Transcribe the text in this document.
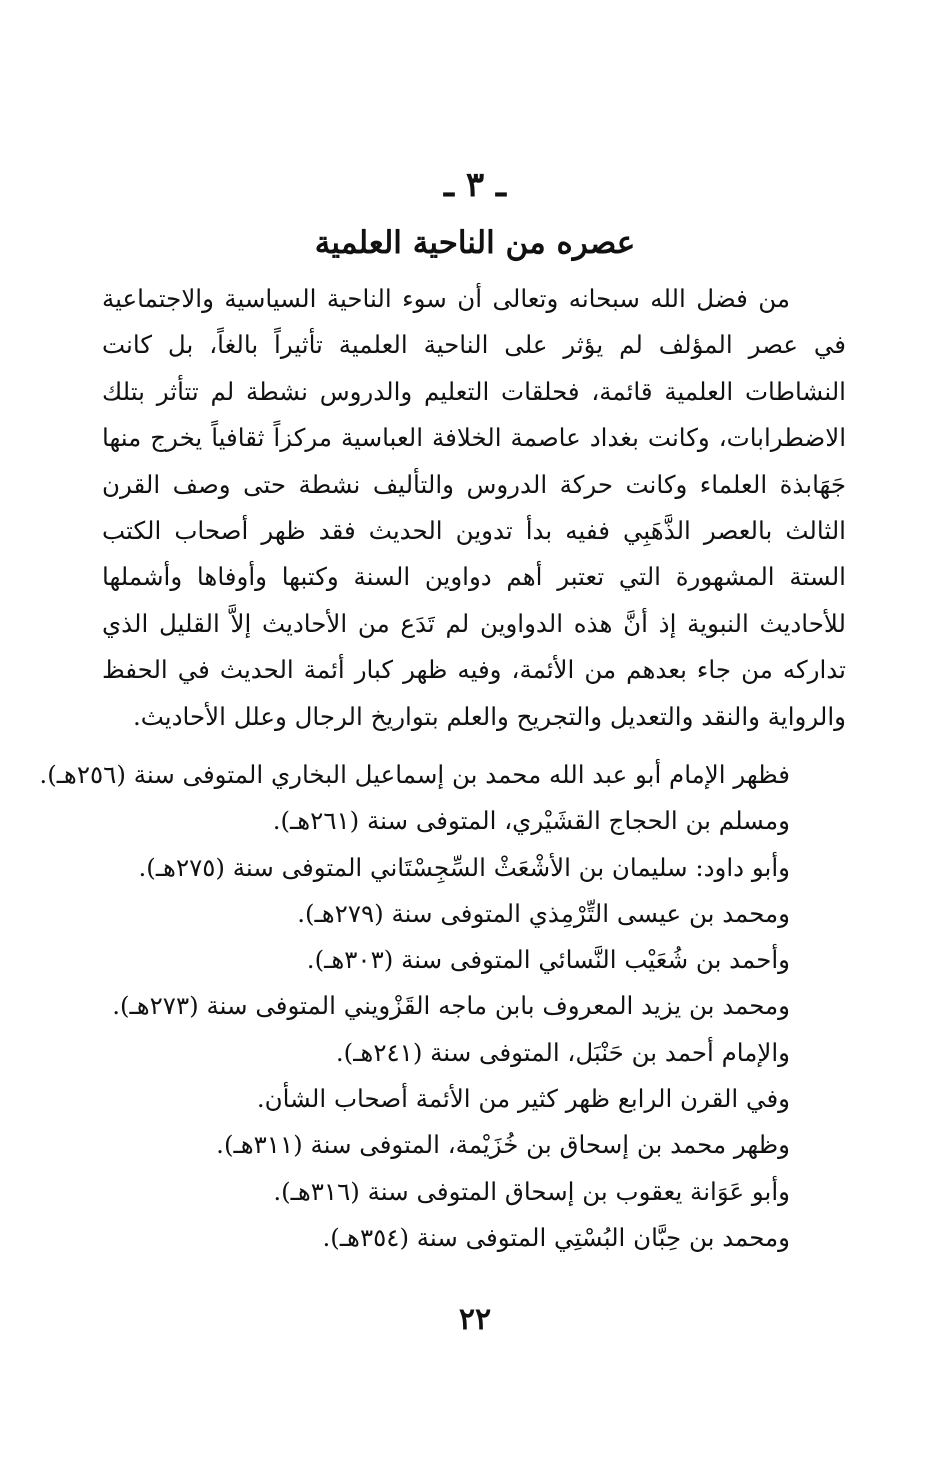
ـ ٣ ـ
عصره من الناحية العلمية

من فضل الله سبحانه وتعالى أن سوء الناحية السياسية والاجتماعية في عصر المؤلف لم يؤثر على الناحية العلمية تأثيراً بالغاً، بل كانت النشاطات العلمية قائمة، فحلقات التعليم والدروس نشطة لم تتأثر بتلك الاضطرابات، وكانت بغداد عاصمة الخلافة العباسية مركزاً ثقافياً يخرج منها جَهَابذة العلماء وكانت حركة الدروس والتأليف نشطة حتى وصف القرن الثالث بالعصر الذَّهَبِي ففيه بدأ تدوين الحديث فقد ظهر أصحاب الكتب الستة المشهورة التي تعتبر أهم دواوين السنة وكتبها وأوفاها وأشملها للأحاديث النبوية إذ أنَّ هذه الدواوين لم تَدَع من الأحاديث إلاَّ القليل الذي تداركه من جاء بعدهم من الأئمة، وفيه ظهر كبار أئمة الحديث في الحفظ والرواية والنقد والتعديل والتجريح والعلم بتواريخ الرجال وعلل الأحاديث.

فظهر الإمام أبو عبد الله محمد بن إسماعيل البخاري المتوفى سنة (٢٥٦هـ).
ومسلم بن الحجاج القشَيْري، المتوفى سنة (٢٦١هـ).
وأبو داود: سليمان بن الأشْعَثْ السِّجِسْتَاني المتوفى سنة (٢٧٥هـ).
ومحمد بن عيسى التِّرْمِذي المتوفى سنة (٢٧٩هـ).
وأحمد بن شُعَيْب النَّسائي المتوفى سنة (٣٠٣هـ).
ومحمد بن يزيد المعروف بابن ماجه القَزْويني المتوفى سنة (٢٧٣هـ).
والإمام أحمد بن حَنْبَل، المتوفى سنة (٢٤١هـ).
وفي القرن الرابع ظهر كثير من الأئمة أصحاب الشأن.
وظهر محمد بن إسحاق بن خُزَيْمة، المتوفى سنة (٣١١هـ).
وأبو عَوَانة يعقوب بن إسحاق المتوفى سنة (٣١٦هـ).
ومحمد بن حِبَّان البُسْتِي المتوفى سنة (٣٥٤هـ).
٢٢
